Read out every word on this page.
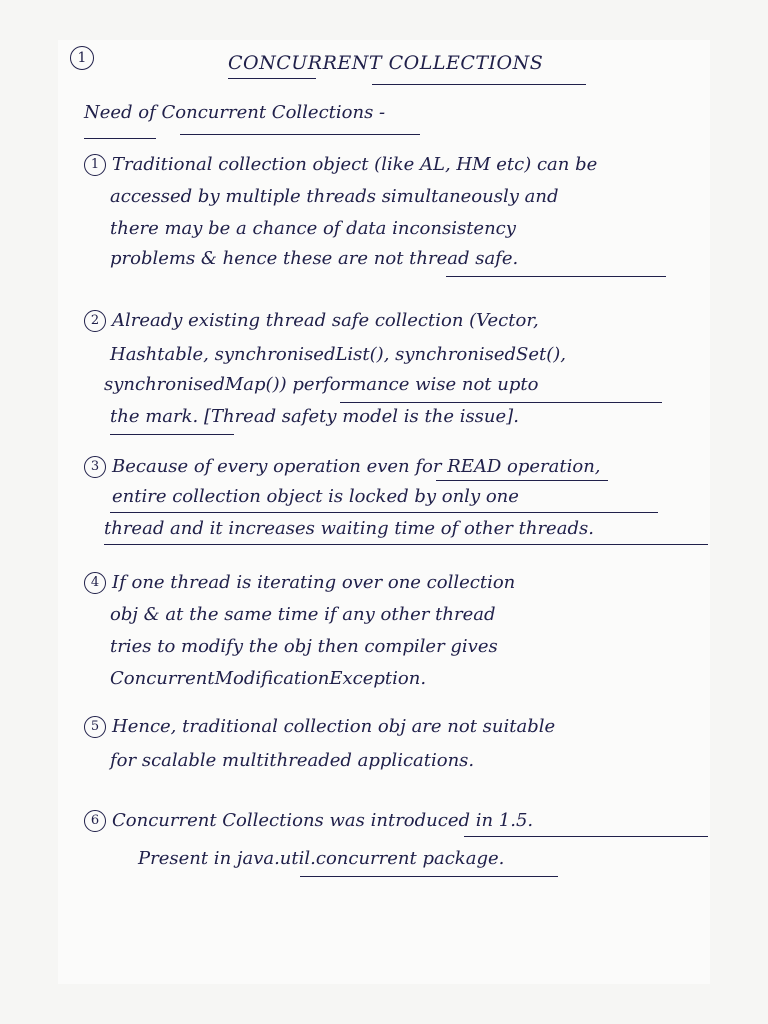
1	CONCURRENT COLLECTIONS
Need of Concurrent Collections -
1 Traditional collection object (like AL, HM etc) can be
accessed by multiple threads simultaneously and
there may be a chance of data inconsistency
problems & hence these are not thread safe.
2 Already existing thread safe collection (Vector,
Hashtable, synchronisedList(), synchronisedSet(),
synchronisedMap()) performance wise not upto
the mark. [Thread safety model is the issue].
3 Because of every operation even for READ operation,
entire collection object is locked by only one
thread and it increases waiting time of other threads.
4 If one thread is iterating over one collection
obj & at the same time if any other thread
tries to modify the obj then compiler gives
ConcurrentModificationException.
5 Hence, traditional collection obj are not suitable
for scalable multithreaded applications.
6 Concurrent Collections was introduced in 1.5.
Present in java.util.concurrent package.
